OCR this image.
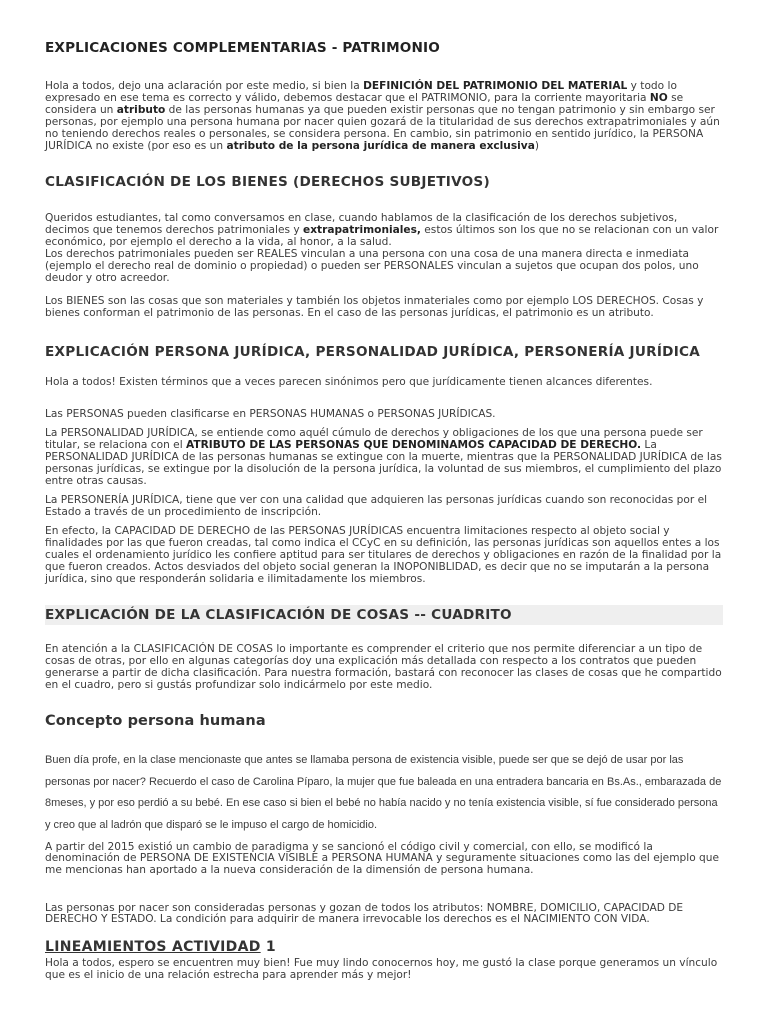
EXPLICACIONES COMPLEMENTARIAS - PATRIMONIO

Hola a todos, dejo una aclaración por este medio, si bien la DEFINICIÓN DEL PATRIMONIO DEL MATERIAL y todo lo expresado en ese tema es correcto y válido, debemos destacar que el PATRIMONIO, para la corriente mayoritaria NO se considera un atributo de las personas humanas ya que pueden existir personas que no tengan patrimonio y sin embargo ser personas, por ejemplo una persona humana por nacer quien gozará de la titularidad de sus derechos extrapatrimoniales y aún no teniendo derechos reales o personales, se considera persona. En cambio, sin patrimonio en sentido jurídico, la PERSONA JURÍDICA no existe (por eso es un atributo de la persona jurídica de manera exclusiva)

CLASIFICACIÓN DE LOS BIENES (DERECHOS SUBJETIVOS)

Queridos estudiantes, tal como conversamos en clase, cuando hablamos de la clasificación de los derechos subjetivos, decimos que tenemos derechos patrimoniales y extrapatrimoniales, estos últimos son los que no se relacionan con un valor económico, por ejemplo el derecho a la vida, al honor, a la salud.
Los derechos patrimoniales pueden ser REALES vinculan a una persona con una cosa de una manera directa e inmediata (ejemplo el derecho real de dominio o propiedad) o pueden ser PERSONALES vinculan a sujetos que ocupan dos polos, uno deudor y otro acreedor.

Los BIENES son las cosas que son materiales y también los objetos inmateriales como por ejemplo LOS DERECHOS. Cosas y bienes conforman el patrimonio de las personas. En el caso de las personas jurídicas, el patrimonio es un atributo.

EXPLICACIÓN PERSONA JURÍDICA, PERSONALIDAD JURÍDICA, PERSONERÍA JURÍDICA

Hola a todos! Existen términos que a veces parecen sinónimos pero que jurídicamente tienen alcances diferentes.

Las PERSONAS pueden clasificarse en PERSONAS HUMANAS o PERSONAS JURÍDICAS.

La PERSONALIDAD JURÍDICA, se entiende como aquél cúmulo de derechos y obligaciones de los que una persona puede ser titular, se relaciona con el ATRIBUTO DE LAS PERSONAS QUE DENOMINAMOS CAPACIDAD DE DERECHO. La PERSONALIDAD JURÍDICA de las personas humanas se extingue con la muerte, mientras que la PERSONALIDAD JURÍDICA de las personas jurídicas, se extingue por la disolución de la persona jurídica, la voluntad de sus miembros, el cumplimiento del plazo entre otras causas.

La PERSONERÍA JURÍDICA, tiene que ver con una calidad que adquieren las personas jurídicas cuando son reconocidas por el Estado a través de un procedimiento de inscripción.

En efecto, la CAPACIDAD DE DERECHO de las PERSONAS JURÍDICAS encuentra limitaciones respecto al objeto social y finalidades por las que fueron creadas, tal como indica el CCyC en su definición, las personas jurídicas son aquellos entes a los cuales el ordenamiento jurídico les confiere aptitud para ser titulares de derechos y obligaciones en razón de la finalidad por la que fueron creados. Actos desviados del objeto social generan la INOPONIBLIDAD, es decir que no se imputarán a la persona jurídica, sino que responderán solidaria e ilimitadamente los miembros.

EXPLICACIÓN DE LA CLASIFICACIÓN DE COSAS -- CUADRITO

En atención a la CLASIFICACIÓN DE COSAS lo importante es comprender el criterio que nos permite diferenciar a un tipo de cosas de otras, por ello en algunas categorías doy una explicación más detallada con respecto a los contratos que pueden generarse a partir de dicha clasificación. Para nuestra formación, bastará con reconocer las clases de cosas que he compartido en el cuadro, pero si gustás profundizar solo indicármelo por este medio.

Concepto persona humana

Buen día profe, en la clase mencionaste que antes se llamaba persona de existencia visible, puede ser que se dejó de usar por las personas por nacer? Recuerdo el caso de Carolina Píparo, la mujer que fue baleada en una entradera bancaria en Bs.As., embarazada de 8meses, y por eso perdió a su bebé. En ese caso si bien el bebé no había nacido y no tenía existencia visible, sí fue considerado persona y creo que al ladrón que disparó se le impuso el cargo de homicidio.

A partir del 2015 existió un cambio de paradigma y se sancionó el código civil y comercial, con ello, se modificó la denominación de PERSONA DE EXISTENCIA VISIBLE a PERSONA HUMANA y seguramente situaciones como las del ejemplo que me mencionas han aportado a la nueva consideración de la dimensión de persona humana.

Las personas por nacer son consideradas personas y gozan de todos los atributos: NOMBRE, DOMICILIO, CAPACIDAD DE DERECHO Y ESTADO. La condición para adquirir de manera irrevocable los derechos es el NACIMIENTO CON VIDA.

LINEAMIENTOS ACTIVIDAD 1

Hola a todos, espero se encuentren muy bien! Fue muy lindo conocernos hoy, me gustó la clase porque generamos un vínculo que es el inicio de una relación estrecha para aprender más y mejor!
